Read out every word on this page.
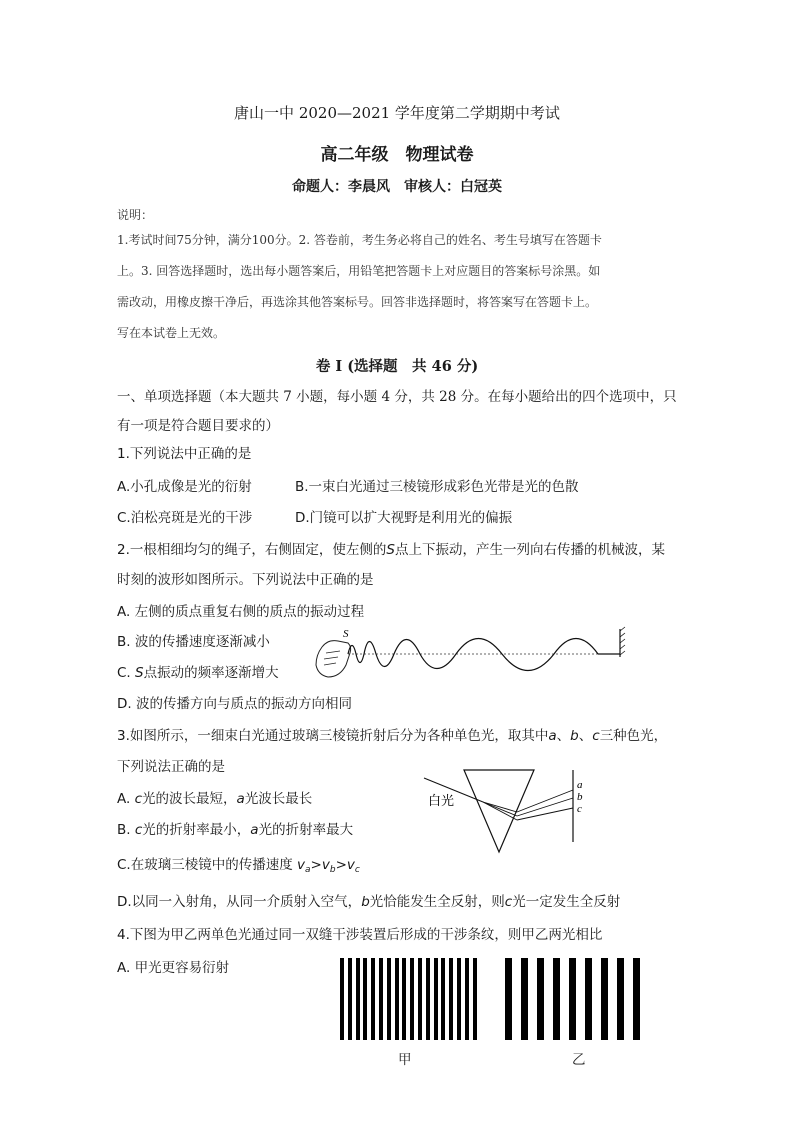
唐山一中 2020—2021 学年度第二学期期中考试
高二年级　物理试卷
命题人：李晨风　审核人：白冠英
说明：
1.考试时间75分钟，满分100分。2. 答卷前，考生务必将自己的姓名、考生号填写在答题卡
上。3. 回答选择题时，选出每小题答案后，用铅笔把答题卡上对应题目的答案标号涂黑。如
需改动，用橡皮擦干净后，再选涂其他答案标号。回答非选择题时，将答案写在答题卡上。
写在本试卷上无效。
卷 I (选择题　共 46 分)
一、单项选择题（本大题共 7 小题，每小题 4 分，共 28 分。在每小题给出的四个选项中，只
有一项是符合题目要求的）
1.下列说法中正确的是
A.小孔成像是光的衍射	B.一束白光通过三棱镜形成彩色光带是光的色散
C.泊松亮斑是光的干涉	D.门镜可以扩大视野是利用光的偏振
2.一根相细均匀的绳子，右侧固定，使左侧的S点上下振动，产生一列向右传播的机械波，某
时刻的波形如图所示。下列说法中正确的是
A. 左侧的质点重复右侧的质点的振动过程
B. 波的传播速度逐渐减小
C. S点振动的频率逐渐增大
D. 波的传播方向与质点的振动方向相同
S
3.如图所示，一细束白光通过玻璃三棱镜折射后分为各种单色光，取其中a、b、c三种色光，
下列说法正确的是
A. c光的波长最短，a光波长最长
B. c光的折射率最小，a光的折射率最大
C.在玻璃三棱镜中的传播速度 $v_a>v_b>v_c$
D.以同一入射角，从同一介质射入空气，b光恰能发生全反射，则c光一定发生全反射
白光
a
b
c
4.下图为甲乙两单色光通过同一双缝干涉装置后形成的干涉条纹，则甲乙两光相比
A. 甲光更容易衍射
甲	乙
